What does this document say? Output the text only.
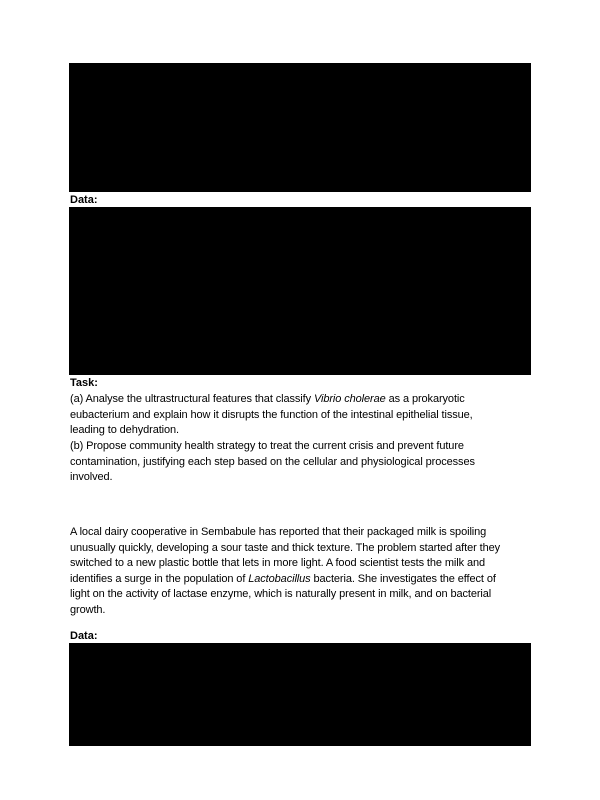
Data:

Task:

(a) Analyse the ultrastructural features that classify Vibrio cholerae as a prokaryotic
eubacterium and explain how it disrupts the function of the intestinal epithelial tissue,
leading to dehydration.

(b) Propose community health strategy to treat the current crisis and prevent future
contamination, justifying each step based on the cellular and physiological processes
involved.

A local dairy cooperative in Sembabule has reported that their packaged milk is spoiling
unusually quickly, developing a sour taste and thick texture. The problem started after they
switched to a new plastic bottle that lets in more light. A food scientist tests the milk and
identifies a surge in the population of Lactobacillus bacteria. She investigates the effect of
light on the activity of lactase enzyme, which is naturally present in milk, and on bacterial
growth.

Data:
